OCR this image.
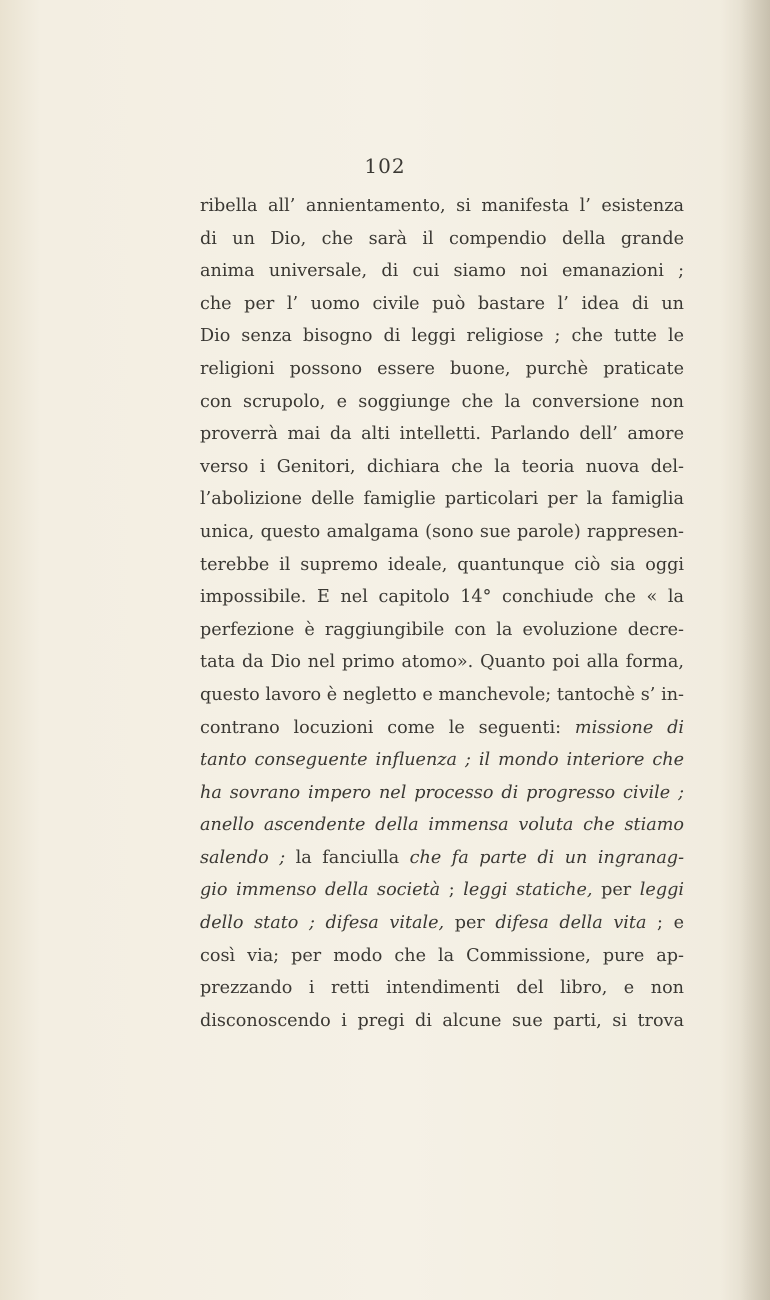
102
ribella all’ annientamento, si manifesta l’ esistenza
di un Dio, che sarà il compendio della grande
anima universale, di cui siamo noi emanazioni ;
che per l’ uomo civile può bastare l’ idea di un
Dio senza bisogno di leggi religiose ; che tutte le
religioni possono essere buone, purchè praticate
con scrupolo, e soggiunge che la conversione non
proverrà mai da alti intelletti. Parlando dell’ amore
verso i Genitori, dichiara che la teoria nuova del-
l’abolizione delle famiglie particolari per la famiglia
unica, questo amalgama (sono sue parole) rappresen-
terebbe il supremo ideale, quantunque ciò sia oggi
impossibile. E nel capitolo 14° conchiude che « la
perfezione è raggiungibile con la evoluzione decre-
tata da Dio nel primo atomo». Quanto poi alla forma,
questo lavoro è negletto e manchevole; tantochè s’ in-
contrano locuzioni come le seguenti: missione di
tanto conseguente influenza ; il mondo interiore che
ha sovrano impero nel processo di progresso civile ;
anello ascendente della immensa voluta che stiamo
salendo ; la fanciulla che fa parte di un ingranag-
gio immenso della società ; leggi statiche, per leggi
dello stato ; difesa vitale, per difesa della vita ; e
così via; per modo che la Commissione, pure ap-
prezzando i retti intendimenti del libro, e non
disconoscendo i pregi di alcune sue parti, si trova
